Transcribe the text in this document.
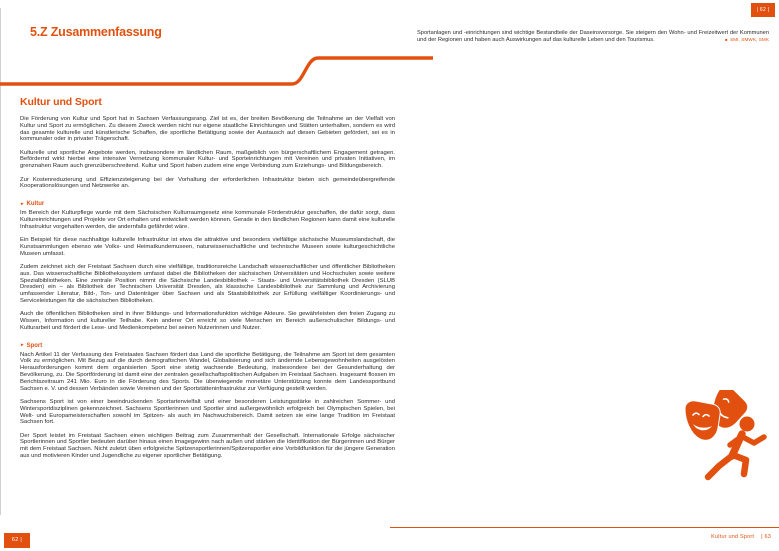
5.Z Zusammenfassung
| 62 |
Sportanlagen und -einrichtungen sind wichtige Bestandteile der Daseinsvorsorge. Sie steigern den Wohn- und Freizeitwert der Kommunen und der Regionen und haben auch Auswirkungen auf das kulturelle Leben und den Tourismus.	■ SMI, SMWK, SMK
Kultur und Sport

Die Förderung von Kultur und Sport hat in Sachsen Verfassungsrang. Ziel ist es, der breiten Bevölkerung die Teilnahme an der Vielfalt von Kultur und Sport zu ermöglichen. Zu diesem Zweck werden nicht nur eigene staatliche Einrichtungen und Stätten unterhalten, sondern es wird das gesamte kulturelle und künstlerische Schaffen, die sportliche Betätigung sowie der Austausch auf diesen Gebieten gefördert, sei es in kommunaler oder in privater Trägerschaft.

Kulturelle und sportliche Angebote werden, insbesondere im ländlichen Raum, maßgeblich von bürgerschaftlichem Engagement getragen. Befördernd wirkt hierbei eine intensive Vernetzung kommunaler Kultur- und Sporteinrichtungen mit Vereinen und privaten Initiativen, im grenznahen Raum auch grenzüberschreitend. Kultur und Sport haben zudem eine enge Verbindung zum Erziehungs- und Bildungsbereich.

Zur Kostenreduzierung und Effizienzsteigerung bei der Vorhaltung der erforderlichen Infrastruktur bieten sich gemeindeübergreifende Kooperationslösungen und Netzwerke an.

► Kultur

Im Bereich der Kulturpflege wurde mit dem Sächsischen Kulturraumgesetz eine kommunale Förderstruktur geschaffen, die dafür sorgt, dass Kultureinrichtungen und Projekte vor Ort erhalten und entwickelt werden können. Gerade in den ländlichen Regionen kann damit eine kulturelle Infrastruktur vorgehalten werden, die andernfalls gefährdet wäre.

Ein Beispiel für diese nachhaltige kulturelle Infrastruktur ist etwa die attraktive und besonders vielfältige sächsische Museumslandschaft, die Kunstsammlungen ebenso wie Volks- und Heimatkundemuseen, naturwissenschaftliche und technische Museen sowie kulturgeschichtliche Museen umfasst.

Zudem zeichnet sich der Freistaat Sachsen durch eine vielfältige, traditionsreiche Landschaft wissenschaftlicher und öffentlicher Bibliotheken aus. Das wissenschaftliche Bibliothekssystem umfasst dabei die Bibliotheken der sächsischen Universitäten und Hochschulen sowie weitere Spezialbibliotheken. Eine zentrale Position nimmt die Sächsische Landesbibliothek – Staats- und Universitätsbibliothek Dresden (SLUB Dresden) ein – als Bibliothek der Technischen Universität Dresden, als klassische Landesbibliothek zur Sammlung und Archivierung umfassender Literatur, Bild-, Ton- und Datenträger über Sachsen und als Staatsbibliothek zur Erfüllung vielfältiger Koordinierungs- und Serviceleistungen für die sächsischen Bibliotheken.

Auch die öffentlichen Bibliotheken sind in ihrer Bildungs- und Informationsfunktion wichtige Akteure. Sie gewährleisten den freien Zugang zu Wissen, Information und kultureller Teilhabe. Kein anderer Ort erreicht so viele Menschen im Bereich außerschulischer Bildungs- und Kulturarbeit und fördert die Lese- und Medienkompetenz bei seinen Nutzerinnen und Nutzer.

► Sport

Nach Artikel 11 der Verfassung des Freistaates Sachsen fördert das Land die sportliche Betätigung, die Teilnahme am Sport ist dem gesamten Volk zu ermöglichen. Mit Bezug auf die durch demografischen Wandel, Globalisierung und sich ändernde Lebensgewohnheiten ausgelösten Herausforderungen kommt dem organisierten Sport eine stetig wachsende Bedeutung, insbesondere bei der Gesunderhaltung der Bevölkerung, zu. Die Sportförderung ist damit eine der zentralen gesellschaftspolitischen Aufgaben im Freistaat Sachsen. Insgesamt flossen im Berichtszeitraum 241 Mio. Euro in die Förderung des Sports. Die überwiegende monetäre Unterstützung konnte dem Landessportbund Sachsen e. V. und dessen Verbänden sowie Vereinen und der Sportstätteninfrastruktur zur Verfügung gestellt werden.

Sachsens Sport ist von einer beeindruckenden Sportartenvielfalt und einer besonderen Leistungsstärke in zahlreichen Sommer- und Wintersportdisziplinen gekennzeichnet. Sachsens Sportlerinnen und Sportler sind außergewöhnlich erfolgreich bei Olympischen Spielen, bei Welt- und Europameisterschaften sowohl im Spitzen- als auch im Nachwuchsbereich. Damit setzen sie eine lange Tradition im Freistaat Sachsen fort.

Der Sport leistet im Freistaat Sachsen einen wichtigen Beitrag zum Zusammenhalt der Gesellschaft. Internationale Erfolge sächsischer Sportlerinnen und Sportler bedeuten darüber hinaus einen Imagegewinn nach außen und stärken die Identifikation der Bürgerinnen und Bürger mit dem Freistaat Sachsen. Nicht zuletzt üben erfolgreiche Spitzensportlerinnen/Spitzensportler eine Vorbildfunktion für die jüngere Generation aus und motivieren Kinder und Jugendliche zu eigener sportlicher Betätigung.

62 |	Kultur und Sport | 63
